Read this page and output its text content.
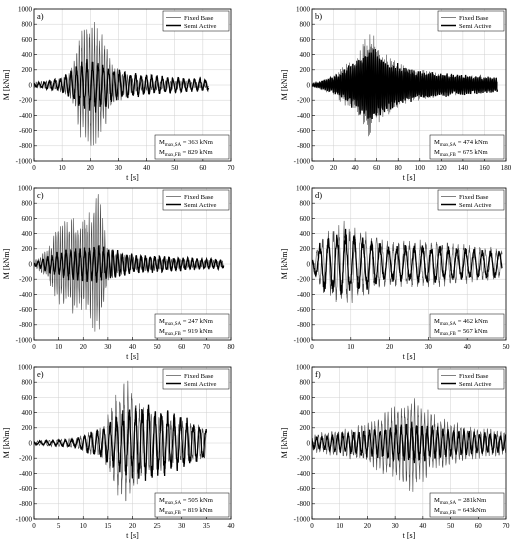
0	10	20	30	40	50	60	70
-1000
-800
-600
-400
-200
0
200
400
600
800
1000
t [s]
M [kNm]
a)	Fixed Base
Semi Active
$M_{max,SA} = 363$ kNm
$M_{max,FB} = 829$ kNm
0 20 40 60 80 100 120 140 160 180
-1000
-800
-600
-400
-200
0
200
400
600
800
1000
t [s]
M [kNm]
b)	Fixed Base
Semi Active
$M_{max,SA} = 474$ kNm
$M_{max,FB} = 675$ kNm
0	10	20	30	40	50	60	70	80
-1000
-800
-600
-400
-200
0
200
400
600
800
1000
t [s]
M [kNm]
c)	Fixed Base
Semi Active
$M_{max,SA} = 247$ kNm
$M_{max,FB} = 919$ kNm
0	10	20	30	40	50
-1000
-800
-600
-400
-200
0
200
400
600
800
1000
t [s]
M [kNm]
d)	Fixed Base
Semi Active
$M_{max,SA} = 462$ kNm
$M_{max,FB} = 567$ kNm
0	5	10	15	20	25	30	35	40
-1000
-800
-600
-400
-200
0
200
400
600
800
1000
t [s]
M [kNm]
e)	Fixed Base
Semi Active
$M_{max,SA} = 505$ kNm
$M_{max,FB} = 819$ kNm
0	10	20	30	40	50	60	70
-1000
-800
-600
-400
-200
0
200
400
600
800
1000
t [s]
M [kNm]
f)	Fixed Base
Semi Active
$M_{max,SA} = 281kNm$
$M_{max,FB} = 643kNm$
